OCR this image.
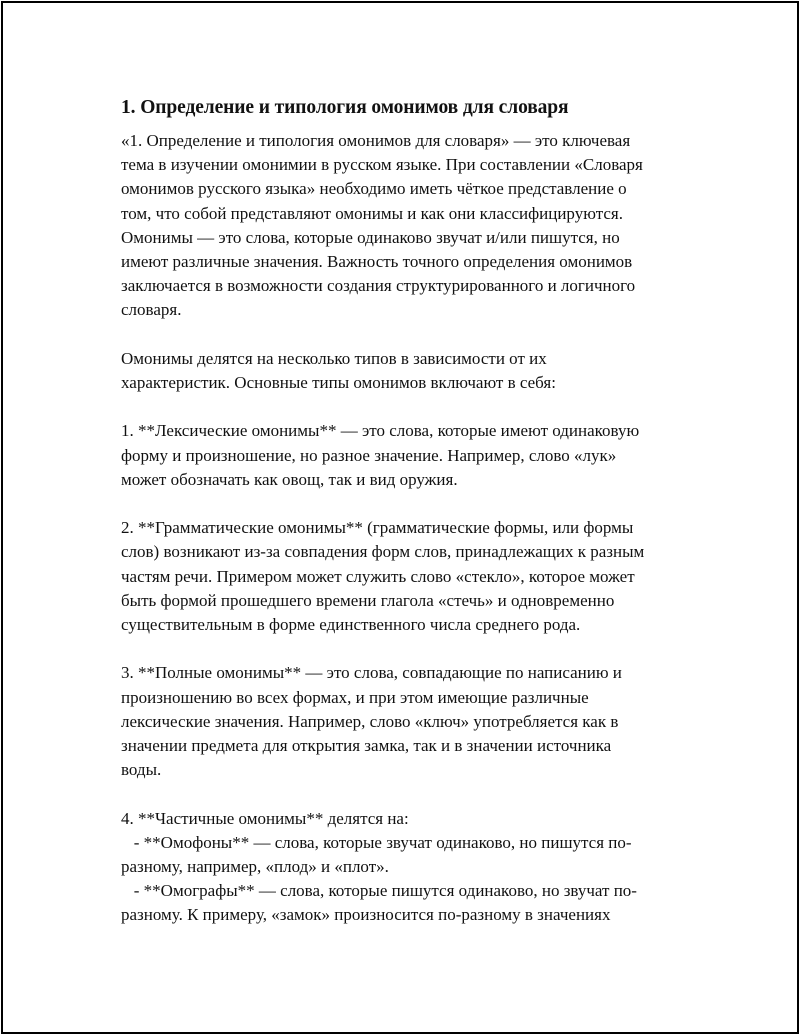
1. Определение и типология омонимов для словаря

«1. Определение и типология омонимов для словаря» — это ключевая
тема в изучении омонимии в русском языке. При составлении «Словаря
омонимов русского языка» необходимо иметь чёткое представление о
том, что собой представляют омонимы и как они классифицируются.
Омонимы — это слова, которые одинаково звучат и/или пишутся, но
имеют различные значения. Важность точного определения омонимов
заключается в возможности создания структурированного и логичного
словаря.

Омонимы делятся на несколько типов в зависимости от их
характеристик. Основные типы омонимов включают в себя:

1. **Лексические омонимы** — это слова, которые имеют одинаковую
форму и произношение, но разное значение. Например, слово «лук»
может обозначать как овощ, так и вид оружия.

2. **Грамматические омонимы** (грамматические формы, или формы
слов) возникают из-за совпадения форм слов, принадлежащих к разным
частям речи. Примером может служить слово «стекло», которое может
быть формой прошедшего времени глагола «стечь» и одновременно
существительным в форме единственного числа среднего рода.

3. **Полные омонимы** — это слова, совпадающие по написанию и
произношению во всех формах, и при этом имеющие различные
лексические значения. Например, слово «ключ» употребляется как в
значении предмета для открытия замка, так и в значении источника
воды.

4. **Частичные омонимы** делятся на:
- **Омофоны** — слова, которые звучат одинаково, но пишутся по-
разному, например, «плод» и «плот».
- **Омографы** — слова, которые пишутся одинаково, но звучат по-
разному. К примеру, «замок» произносится по-разному в значениях
